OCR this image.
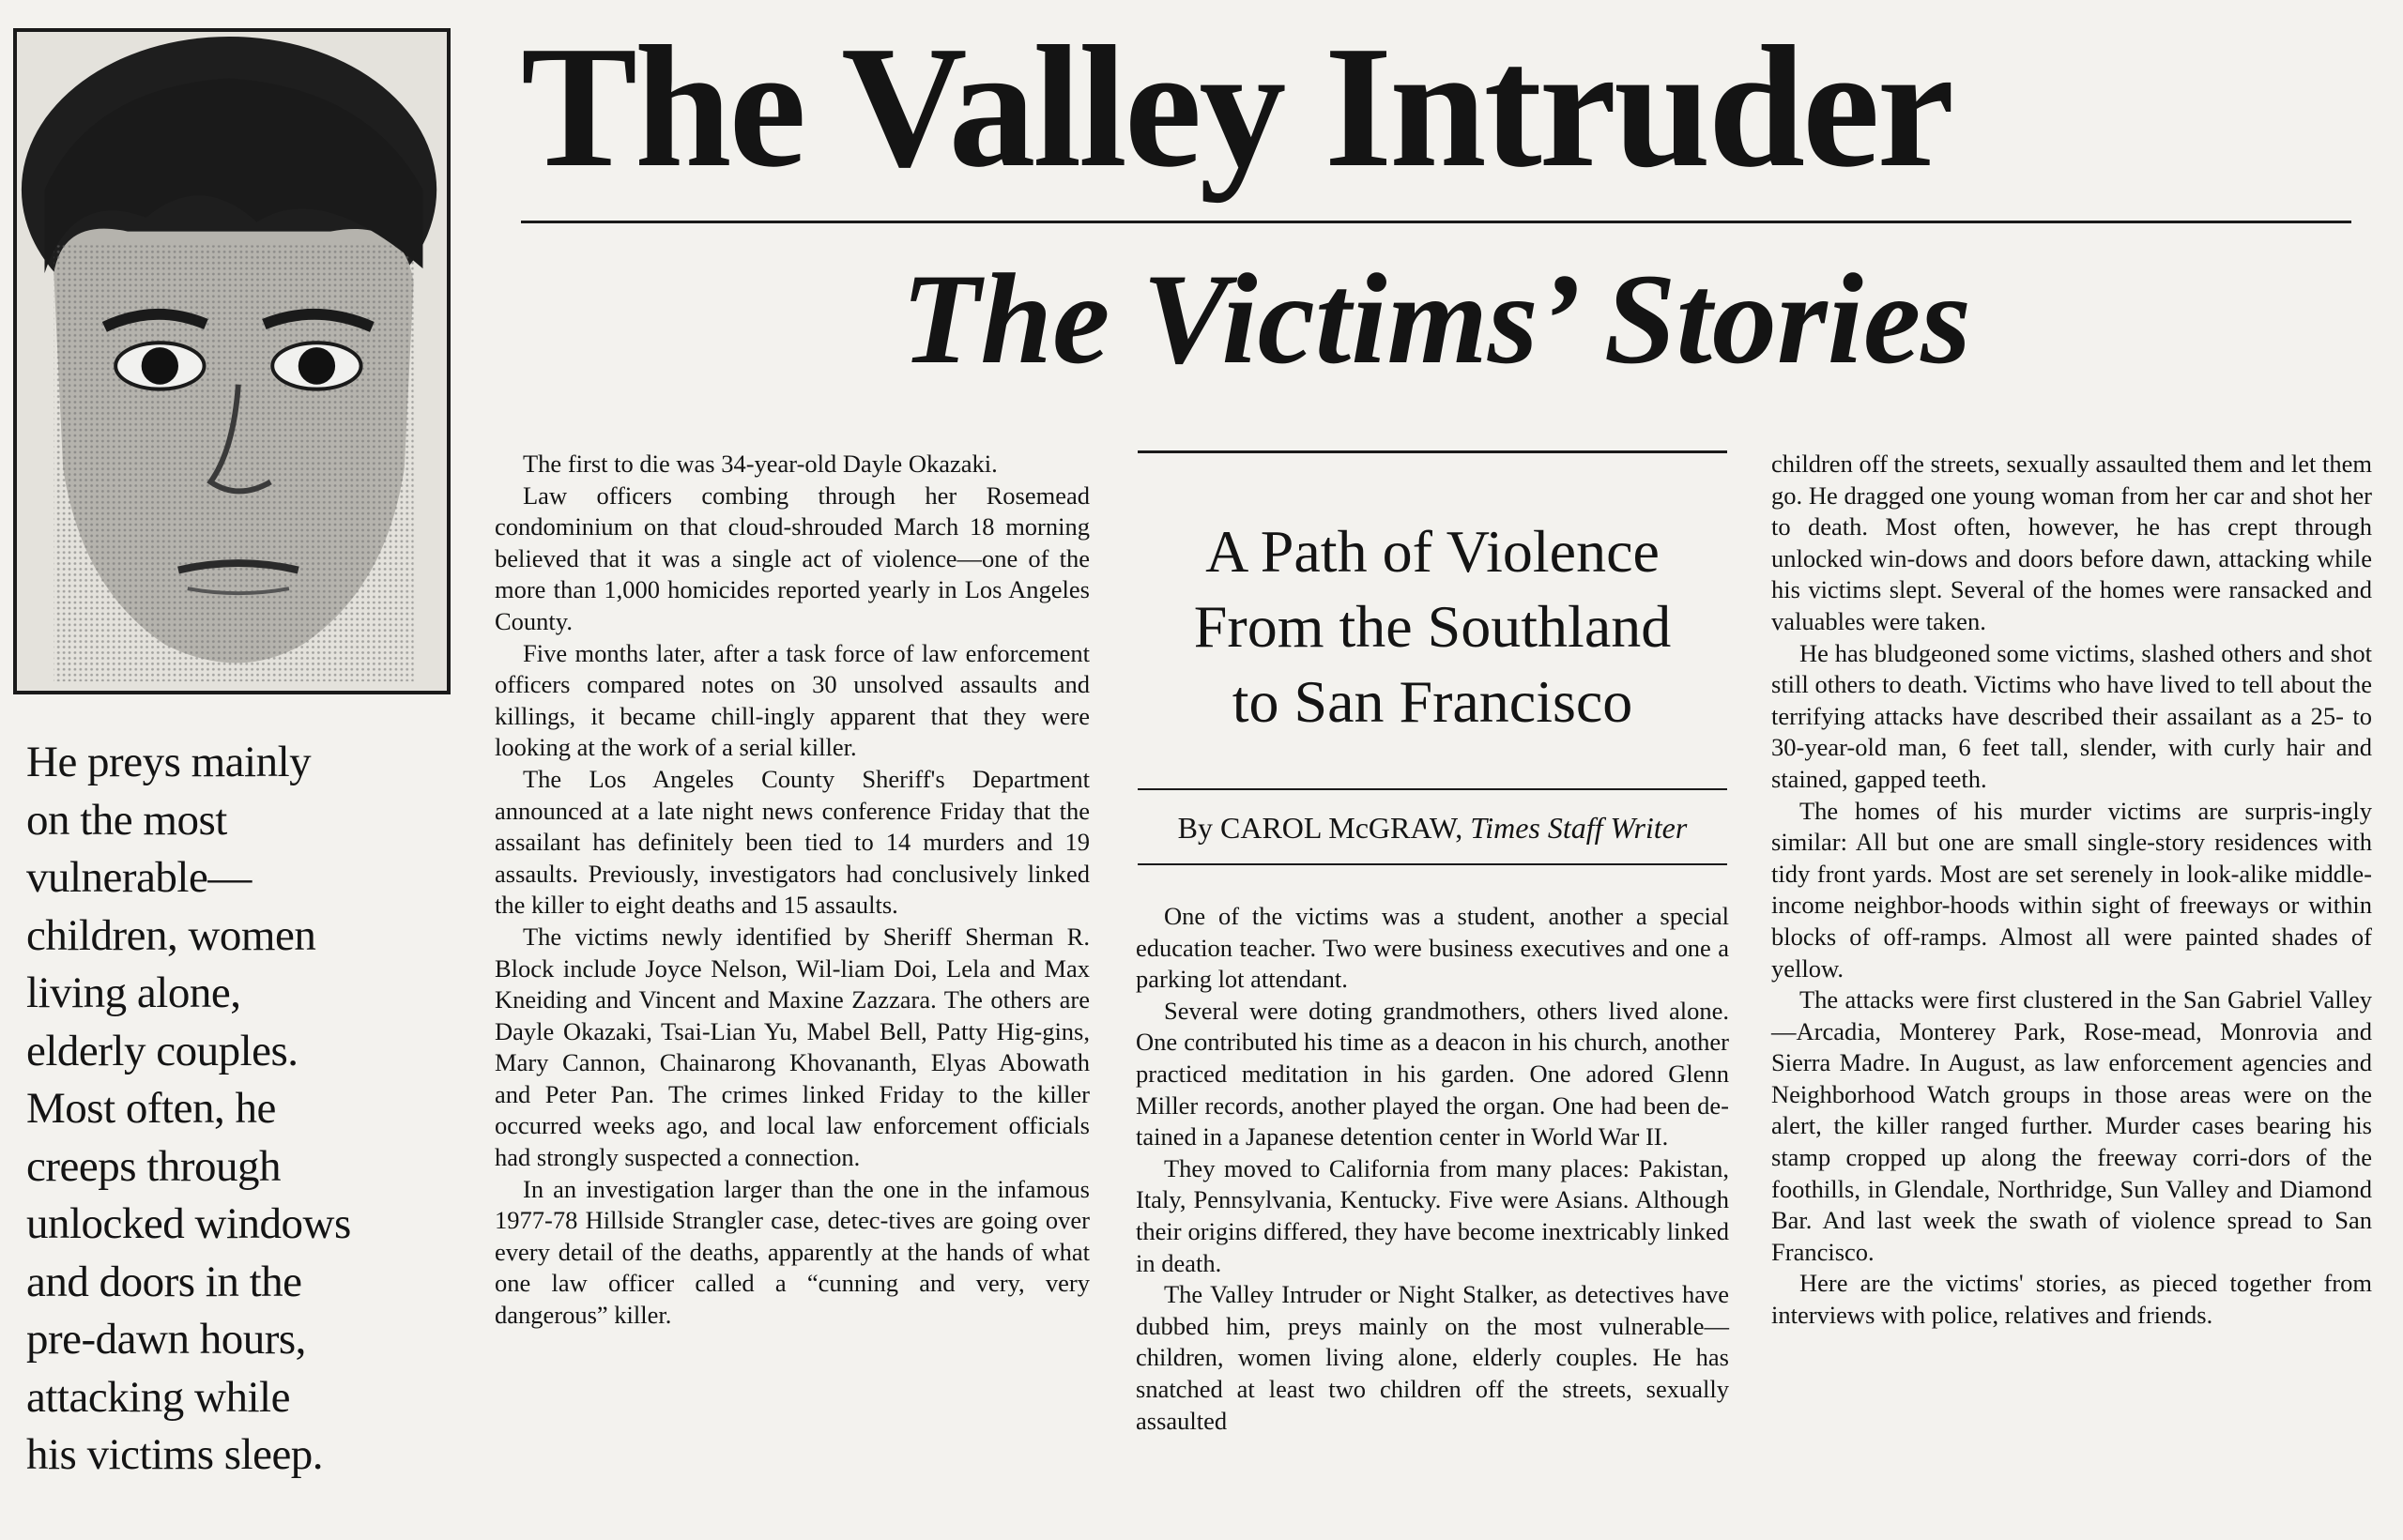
He preys mainly
on the most
vulnerable—
children, women
living alone,
elderly couples.
Most often, he
creeps through
unlocked windows
and doors in the
pre-dawn hours,
attacking while
his victims sleep.
The Valley Intruder
The Victims’ Stories

The first to die was 34-year-old Dayle Okazaki.

Law officers combing through her Rosemead condominium on that cloud-shrouded March 18 morning believed that it was a single act of violence—one of the more than 1,000 homicides reported yearly in Los Angeles County.

Five months later, after a task force of law enforcement officers compared notes on 30 unsolved assaults and killings, it became chill-ingly apparent that they were looking at the work of a serial killer.

The Los Angeles County Sheriff's Department announced at a late night news conference Friday that the assailant has definitely been tied to 14 murders and 19 assaults. Previously, investigators had conclusively linked the killer to eight deaths and 15 assaults.

The victims newly identified by Sheriff Sherman R. Block include Joyce Nelson, Wil-liam Doi, Lela and Max Kneiding and Vincent and Maxine Zazzara. The others are Dayle Okazaki, Tsai-Lian Yu, Mabel Bell, Patty Hig-gins, Mary Cannon, Chainarong Khovananth, Elyas Abowath and Peter Pan. The crimes linked Friday to the killer occurred weeks ago, and local law enforcement officials had strongly suspected a connection.

In an investigation larger than the one in the infamous 1977-78 Hillside Strangler case, detec-tives are going over every detail of the deaths, apparently at the hands of what one law officer called a “cunning and very, very dangerous” killer.

A Path of Violence
From the Southland
to San Francisco
By CAROL McGRAW, Times Staff Writer

One of the victims was a student, another a special education teacher. Two were business executives and one a parking lot attendant.

Several were doting grandmothers, others lived alone. One contributed his time as a deacon in his church, another practiced meditation in his garden. One adored Glenn Miller records, another played the organ. One had been de-tained in a Japanese detention center in World War II.

They moved to California from many places: Pakistan, Italy, Pennsylvania, Kentucky. Five were Asians. Although their origins differed, they have become inextricably linked in death.

The Valley Intruder or Night Stalker, as detectives have dubbed him, preys mainly on the most vulnerable—children, women living alone, elderly couples. He has snatched at least two children off the streets, sexually assaulted

children off the streets, sexually assaulted them and let them go. He dragged one young woman from her car and shot her to death. Most often, however, he has crept through unlocked win-dows and doors before dawn, attacking while his victims slept. Several of the homes were ransacked and valuables were taken.

He has bludgeoned some victims, slashed others and shot still others to death. Victims who have lived to tell about the terrifying attacks have described their assailant as a 25- to 30-year-old man, 6 feet tall, slender, with curly hair and stained, gapped teeth.

The homes of his murder victims are surpris-ingly similar: All but one are small single-story residences with tidy front yards. Most are set serenely in look-alike middle-income neighbor-hoods within sight of freeways or within blocks of off-ramps. Almost all were painted shades of yellow.

The attacks were first clustered in the San Gabriel Valley—Arcadia, Monterey Park, Rose-mead, Monrovia and Sierra Madre. In August, as law enforcement agencies and Neighborhood Watch groups in those areas were on the alert, the killer ranged further. Murder cases bearing his stamp cropped up along the freeway corri-dors of the foothills, in Glendale, Northridge, Sun Valley and Diamond Bar. And last week the swath of violence spread to San Francisco.

Here are the victims' stories, as pieced together from interviews with police, relatives and friends.
